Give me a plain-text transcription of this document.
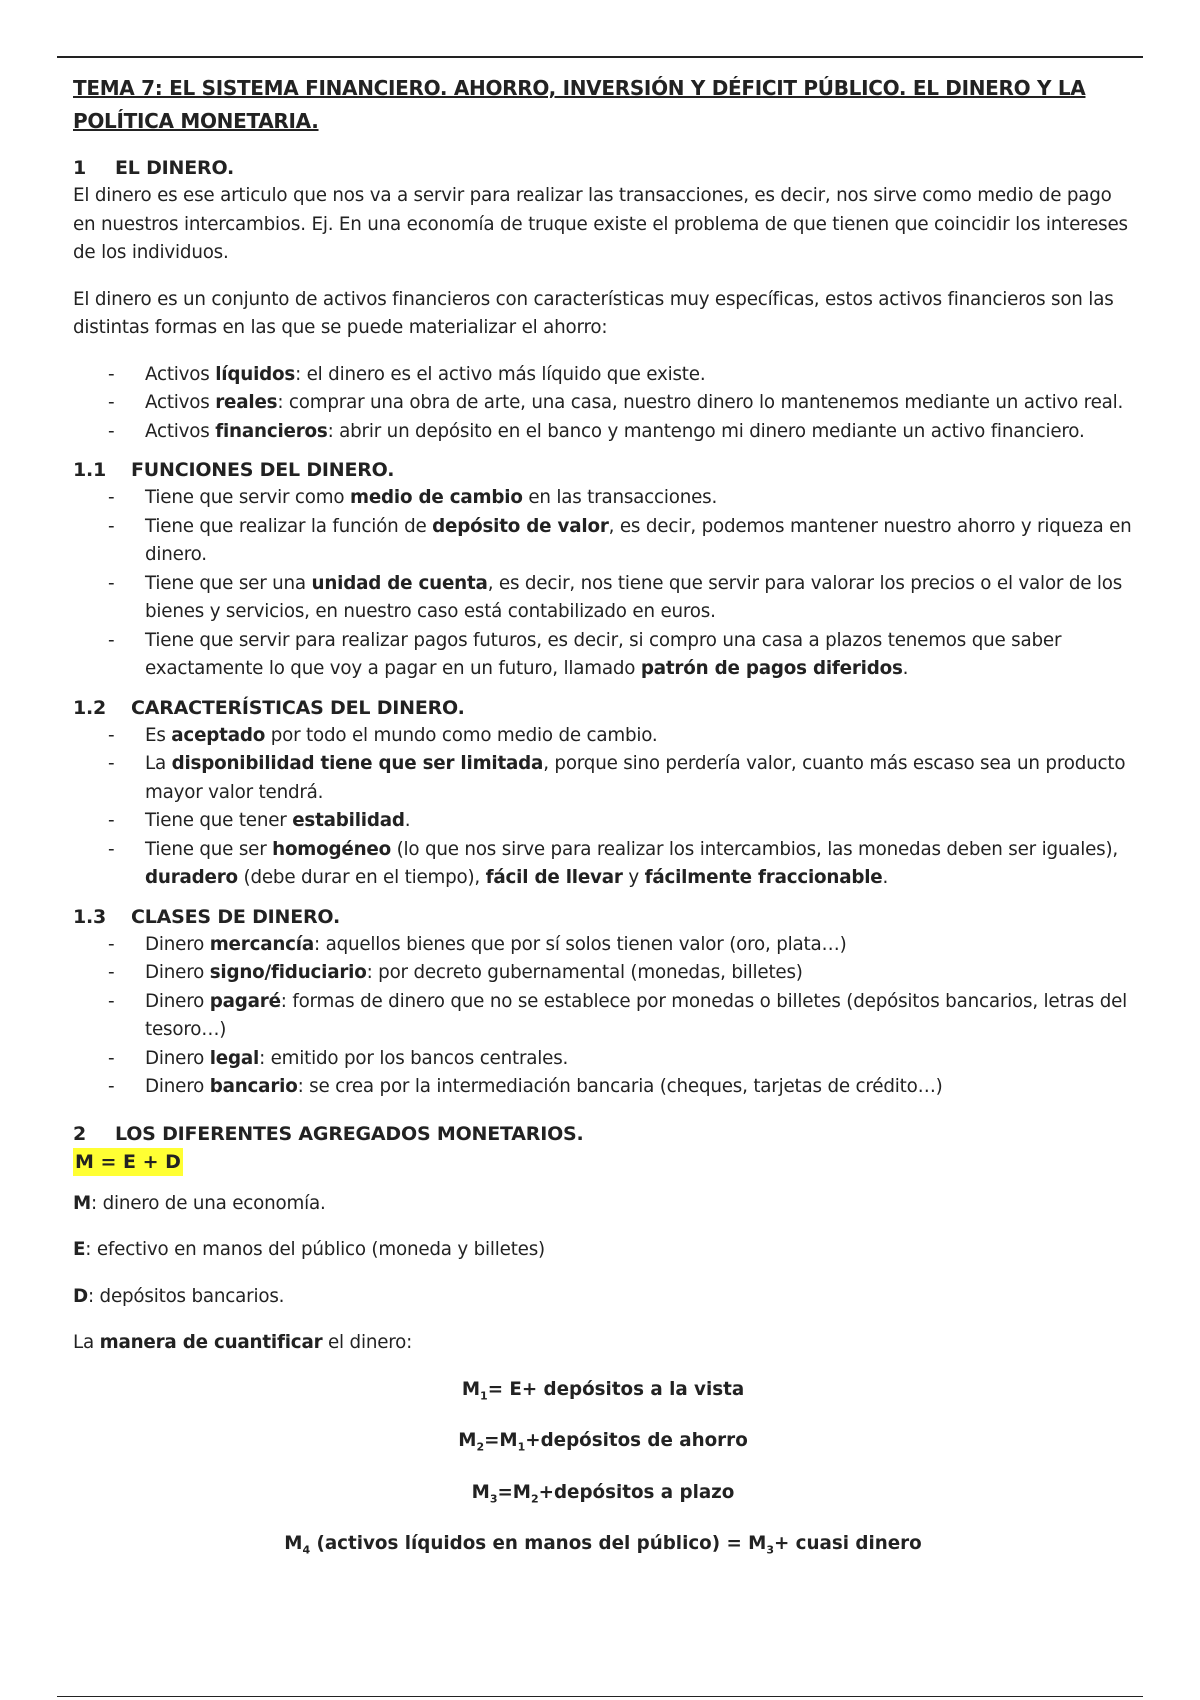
TEMA 7: EL SISTEMA FINANCIERO. AHORRO, INVERSIÓN Y DÉFICIT PÚBLICO. EL DINERO Y LA POLÍTICA MONETARIA.
1 EL DINERO.

El dinero es ese articulo que nos va a servir para realizar las transacciones, es decir, nos sirve como medio de pago en nuestros intercambios. Ej. En una economía de truque existe el problema de que tienen que coincidir los intereses de los individuos.

El dinero es un conjunto de activos financieros con características muy específicas, estos activos financieros son las distintas formas en las que se puede materializar el ahorro:

- Activos líquidos: el dinero es el activo más líquido que existe.
- Activos reales: comprar una obra de arte, una casa, nuestro dinero lo mantenemos mediante un activo real.
- Activos financieros: abrir un depósito en el banco y mantengo mi dinero mediante un activo financiero.
1.1 FUNCIONES DEL DINERO.
- Tiene que servir como medio de cambio en las transacciones.
- Tiene que realizar la función de depósito de valor, es decir, podemos mantener nuestro ahorro y riqueza en dinero.
- Tiene que ser una unidad de cuenta, es decir, nos tiene que servir para valorar los precios o el valor de los bienes y servicios, en nuestro caso está contabilizado en euros.
- Tiene que servir para realizar pagos futuros, es decir, si compro una casa a plazos tenemos que saber exactamente lo que voy a pagar en un futuro, llamado patrón de pagos diferidos.
1.2 CARACTERÍSTICAS DEL DINERO.
- Es aceptado por todo el mundo como medio de cambio.
- La disponibilidad tiene que ser limitada, porque sino perdería valor, cuanto más escaso sea un producto mayor valor tendrá.
- Tiene que tener estabilidad.
- Tiene que ser homogéneo (lo que nos sirve para realizar los intercambios, las monedas deben ser iguales), duradero (debe durar en el tiempo), fácil de llevar y fácilmente fraccionable.
1.3 CLASES DE DINERO.
- Dinero mercancía: aquellos bienes que por sí solos tienen valor (oro, plata…)
- Dinero signo/fiduciario: por decreto gubernamental (monedas, billetes)
- Dinero pagaré: formas de dinero que no se establece por monedas o billetes (depósitos bancarios, letras del tesoro…)
- Dinero legal: emitido por los bancos centrales.
- Dinero bancario: se crea por la intermediación bancaria (cheques, tarjetas de crédito…)
2 LOS DIFERENTES AGREGADOS MONETARIOS.
M = E + D

M: dinero de una economía.

E: efectivo en manos del público (moneda y billetes)

D: depósitos bancarios.

La manera de cuantificar el dinero:

$M_1= E+$ depósitos a la vista
$M_2=M_1+depósitos$ de ahorro
$M_3=M_2+depósitos$ a plazo
$M_4$ (activos líquidos en manos del público) = $M_3+$ cuasi dinero
